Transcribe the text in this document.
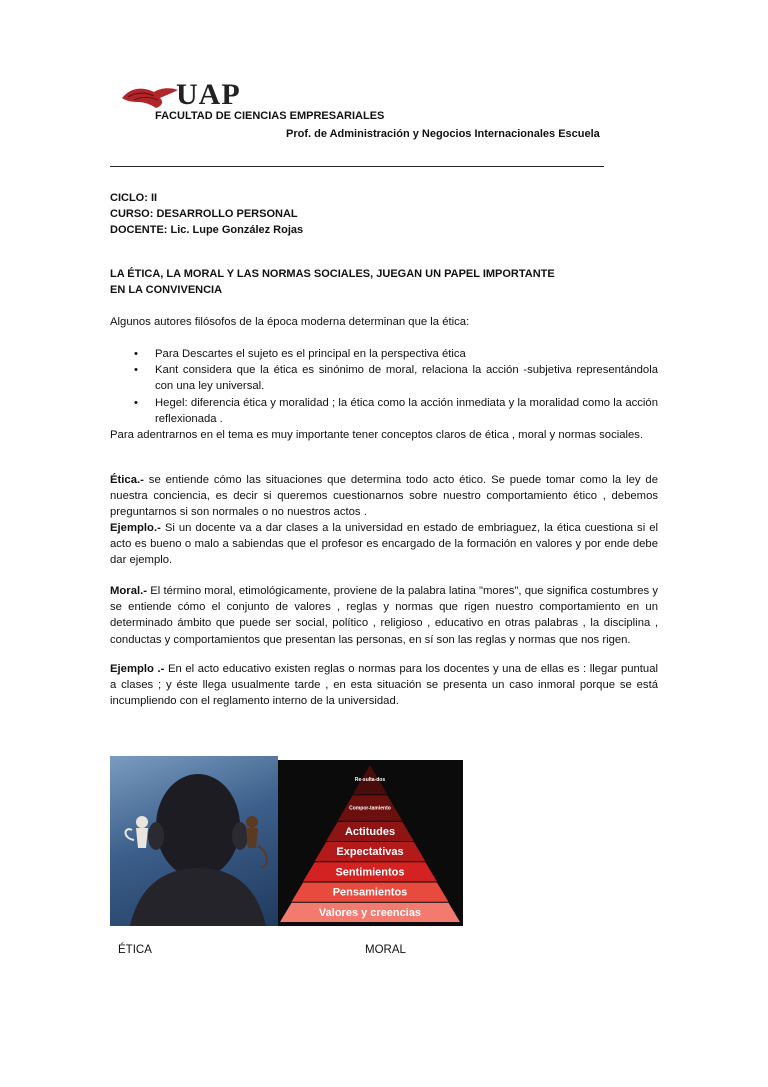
UAP
FACULTAD DE CIENCIAS EMPRESARIALES
Prof. de Administración y Negocios Internacionales Escuela
CICLO: II
CURSO: DESARROLLO PERSONAL
DOCENTE: Lic. Lupe González Rojas
LA ÉTICA, LA MORAL Y LAS NORMAS SOCIALES, JUEGAN UN PAPEL IMPORTANTE
EN LA CONVIVENCIA
Algunos autores filósofos de la época moderna determinan que la ética:
• Para Descartes el sujeto es el principal en la perspectiva ética
• Kant considera que la ética es sinónimo de moral, relaciona la acción -subjetiva representándola con una ley universal.
• Hegel: diferencia ética y moralidad ; la ética como la acción inmediata y la moralidad como la acción reflexionada .
Para adentrarnos en el tema es muy importante tener conceptos claros de ética , moral y normas sociales.
Ética.- se entiende cómo las situaciones que determina todo acto ético. Se puede tomar como la ley de nuestra conciencia, es decir si queremos cuestionarnos sobre nuestro comportamiento ético , debemos preguntarnos si son normales o no nuestros actos .
Ejemplo.- Si un docente va a dar clases a la universidad en estado de embriaguez, la ética cuestiona si el acto es bueno o malo a sabiendas que el profesor es encargado de la formación en valores y por ende debe dar ejemplo.
Moral.- El término moral, etimológicamente, proviene de la palabra latina "mores", que significa costumbres y se entiende cómo el conjunto de valores , reglas y normas que rigen nuestro comportamiento en un determinado ámbito que puede ser social, político , religioso , educativo en otras palabras , la disciplina , conductas y comportamientos que presentan las personas, en sí son las reglas y normas que nos rigen.
Ejemplo .- En el acto educativo existen reglas o normas para los docentes y una de ellas es : llegar puntual a clases ; y éste llega usualmente tarde , en esta situación se presenta un caso inmoral porque se está incumpliendo con el reglamento interno de la universidad.
Re-sulta-dos
Compor-tamiento
Actitudes
Expectativas
Sentimientos
Pensamientos
Valores y creencias
ÉTICA	MORAL
